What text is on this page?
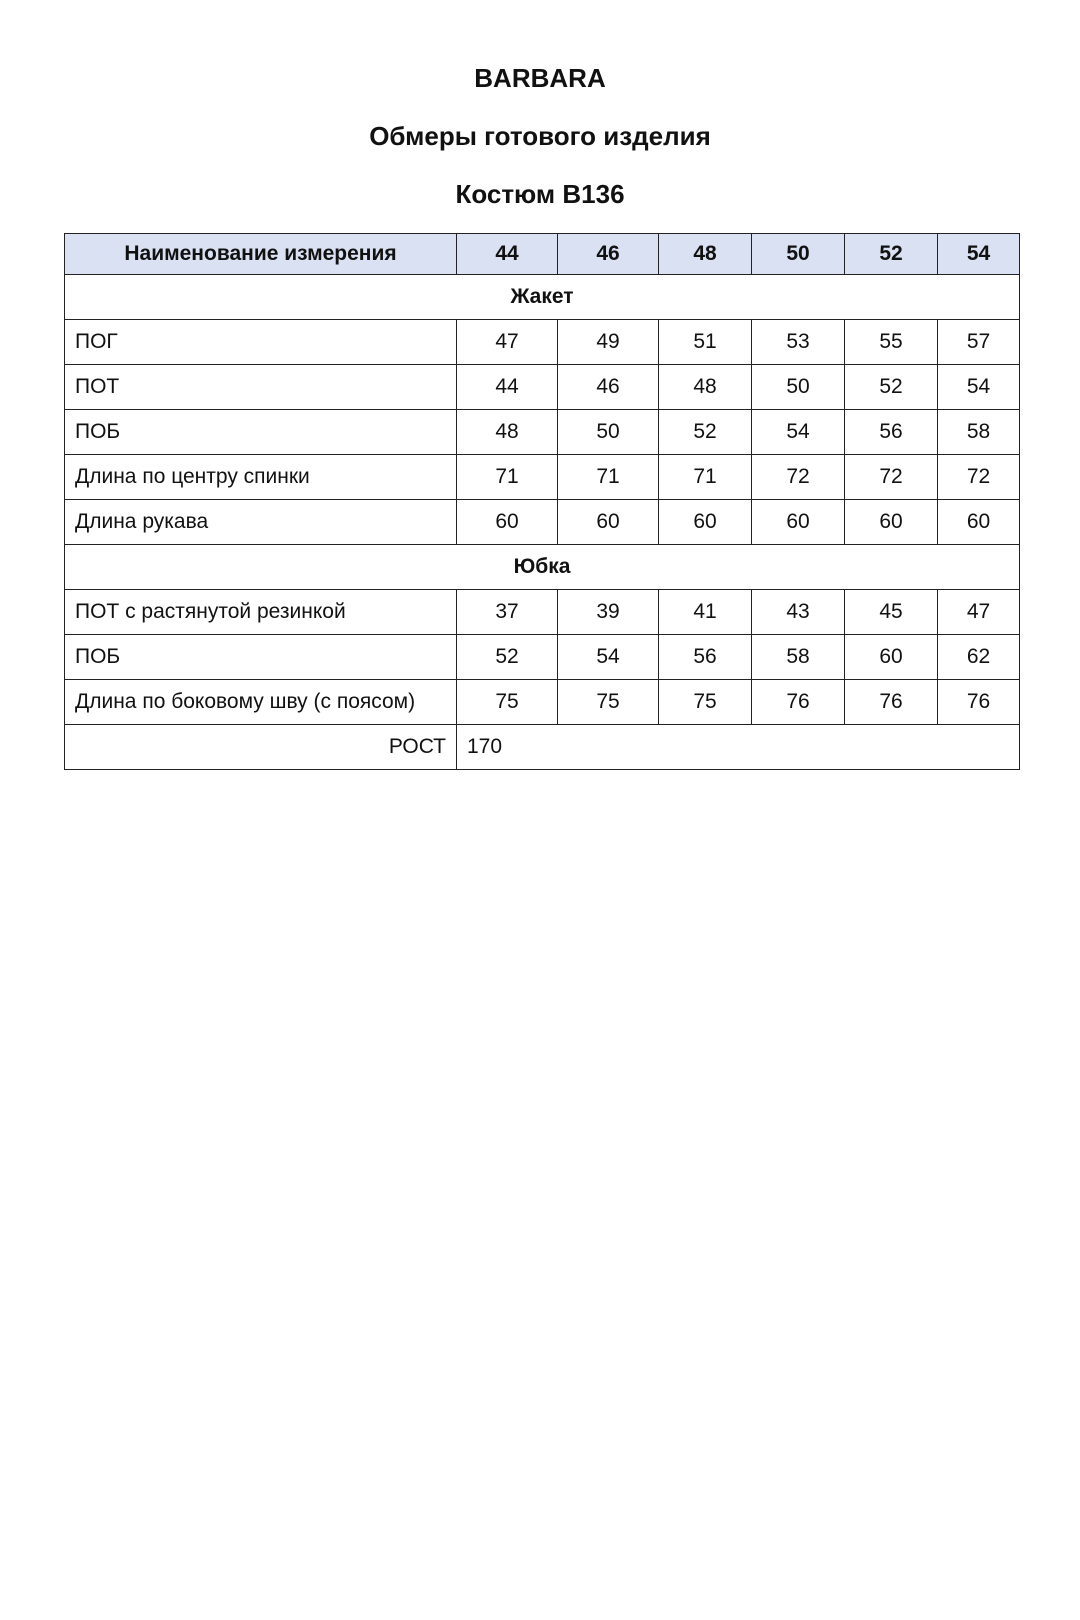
BARBARA
Обмеры готового изделия
Костюм В136
Наименование измерения	44	46	48	50	52	54
Жакет						
ПОГ	47	49	51	53	55	57
ПОТ	44	46	48	50	52	54
ПОБ	48	50	52	54	56	58
Длина по центру спинки	71	71	71	72	72	72
Длина рукава	60	60	60	60	60	60
Юбка						
ПОТ с растянутой резинкой	37	39	41	43	45	47
ПОБ	52	54	56	58	60	62
Длина по боковому шву (с поясом)	75	75	75	76	76	76
РОСТ	170					
